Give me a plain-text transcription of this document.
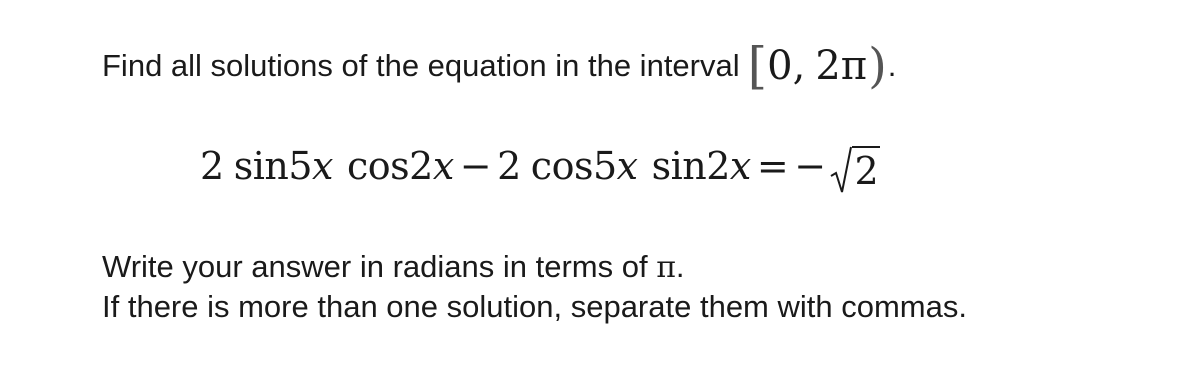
Find all solutions of the equation in the interval [ 0, 2π ) .
2 sin 5 x cos 2 x − 2 cos 5 x sin 2 x = − 2
Write your answer in radians in terms of π.
If there is more than one solution, separate them with commas.
